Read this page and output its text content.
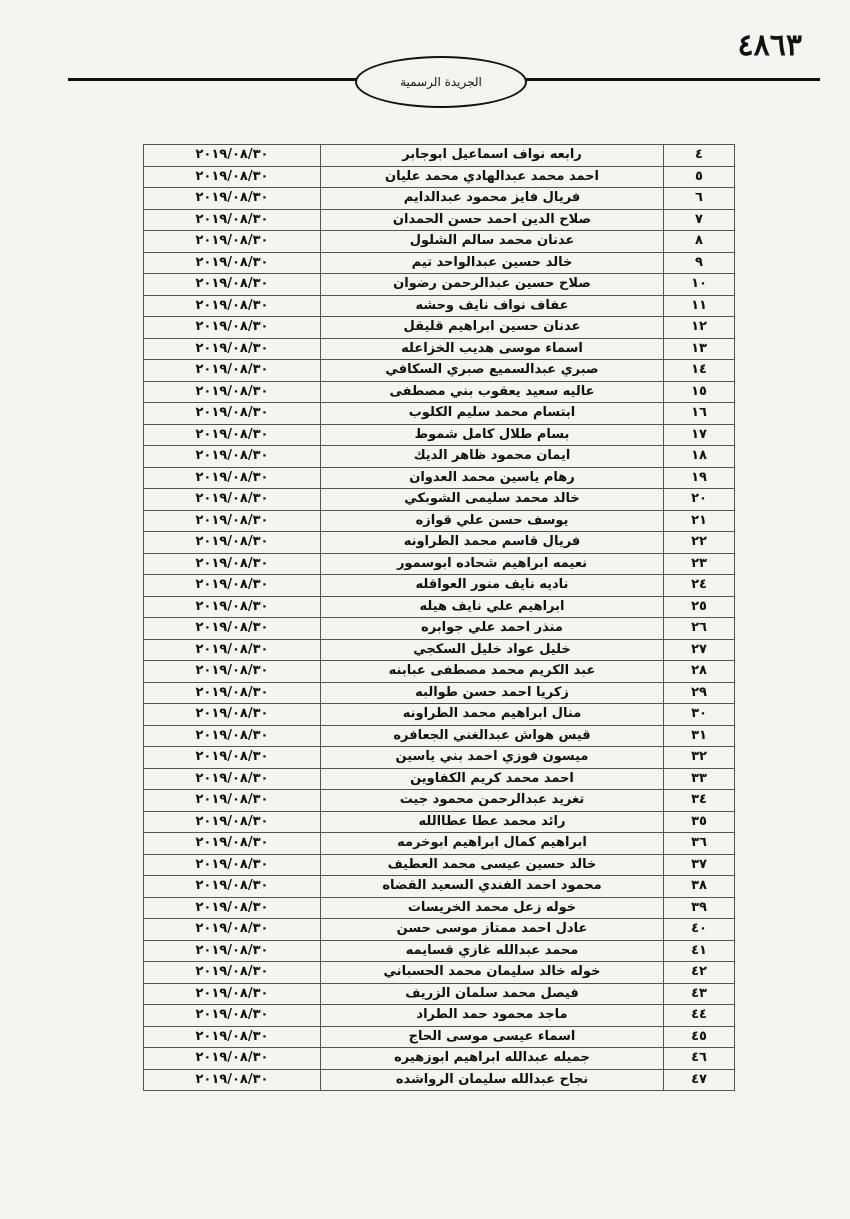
٤٨٦٣
الجريدة الرسمية
٤	رابعه نواف اسماعيل ابوجابر	٢٠١٩/٠٨/٣٠
٥	احمد محمد عبدالهادي محمد عليان	٢٠١٩/٠٨/٣٠
٦	فريال فايز محمود عبدالدايم	٢٠١٩/٠٨/٣٠
٧	صلاح الدين احمد حسن الحمدان	٢٠١٩/٠٨/٣٠
٨	عدنان محمد سالم الشلول	٢٠١٩/٠٨/٣٠
٩	خالد حسين عبدالواحد تيم	٢٠١٩/٠٨/٣٠
١٠	صلاح حسين عبدالرحمن رضوان	٢٠١٩/٠٨/٣٠
١١	عفاف نواف نايف وحشه	٢٠١٩/٠٨/٣٠
١٢	عدنان حسين ابراهيم قليقل	٢٠١٩/٠٨/٣٠
١٣	اسماء موسى هديب الخزاعله	٢٠١٩/٠٨/٣٠
١٤	صبري عبدالسميع صبري السكافي	٢٠١٩/٠٨/٣٠
١٥	عاليه سعيد يعقوب بني مصطفى	٢٠١٩/٠٨/٣٠
١٦	ابتسام محمد سليم الكلوب	٢٠١٩/٠٨/٣٠
١٧	بسام طلال كامل شموط	٢٠١٩/٠٨/٣٠
١٨	ايمان محمود ظاهر الديك	٢٠١٩/٠٨/٣٠
١٩	رهام ياسين محمد العدوان	٢٠١٩/٠٨/٣٠
٢٠	خالد محمد سليمى الشوبكي	٢٠١٩/٠٨/٣٠
٢١	يوسف حسن علي قوازه	٢٠١٩/٠٨/٣٠
٢٢	فريال قاسم محمد الطراونه	٢٠١٩/٠٨/٣٠
٢٣	نعيمه ابراهيم شحاده ابوسمور	٢٠١٩/٠٨/٣٠
٢٤	ناديه نايف منور العواقله	٢٠١٩/٠٨/٣٠
٢٥	ابراهيم علي نايف هيله	٢٠١٩/٠٨/٣٠
٢٦	منذر احمد علي جوابره	٢٠١٩/٠٨/٣٠
٢٧	خليل عواد خليل السكجي	٢٠١٩/٠٨/٣٠
٢٨	عبد الكريم محمد مصطفى عبابنه	٢٠١٩/٠٨/٣٠
٢٩	زكريا احمد حسن طوالبه	٢٠١٩/٠٨/٣٠
٣٠	منال ابراهيم محمد الطراونه	٢٠١٩/٠٨/٣٠
٣١	قيس هواش عبدالغني الجعافره	٢٠١٩/٠٨/٣٠
٣٢	ميسون فوزي احمد بني ياسين	٢٠١٩/٠٨/٣٠
٣٣	احمد محمد كريم الكفاوين	٢٠١٩/٠٨/٣٠
٣٤	تغريد عبدالرحمن محمود جيت	٢٠١٩/٠٨/٣٠
٣٥	رائد محمد عطا عطاالله	٢٠١٩/٠٨/٣٠
٣٦	ابراهيم كمال ابراهيم ابوخرمه	٢٠١٩/٠٨/٣٠
٣٧	خالد حسين عيسى محمد العطيف	٢٠١٩/٠٨/٣٠
٣٨	محمود احمد الفندي السعيد القضاه	٢٠١٩/٠٨/٣٠
٣٩	خوله زعل محمد الخريسات	٢٠١٩/٠٨/٣٠
٤٠	عادل احمد ممتاز موسى حسن	٢٠١٩/٠٨/٣٠
٤١	محمد عبدالله غازي قسايمه	٢٠١٩/٠٨/٣٠
٤٢	خوله خالد سليمان محمد الحسباني	٢٠١٩/٠٨/٣٠
٤٣	فيصل محمد سلمان الزريف	٢٠١٩/٠٨/٣٠
٤٤	ماجد محمود حمد الطراد	٢٠١٩/٠٨/٣٠
٤٥	اسماء عيسى موسى الحاج	٢٠١٩/٠٨/٣٠
٤٦	جميله عبدالله ابراهيم ابوزهيره	٢٠١٩/٠٨/٣٠
٤٧	نجاح عبدالله سليمان الرواشده	٢٠١٩/٠٨/٣٠
